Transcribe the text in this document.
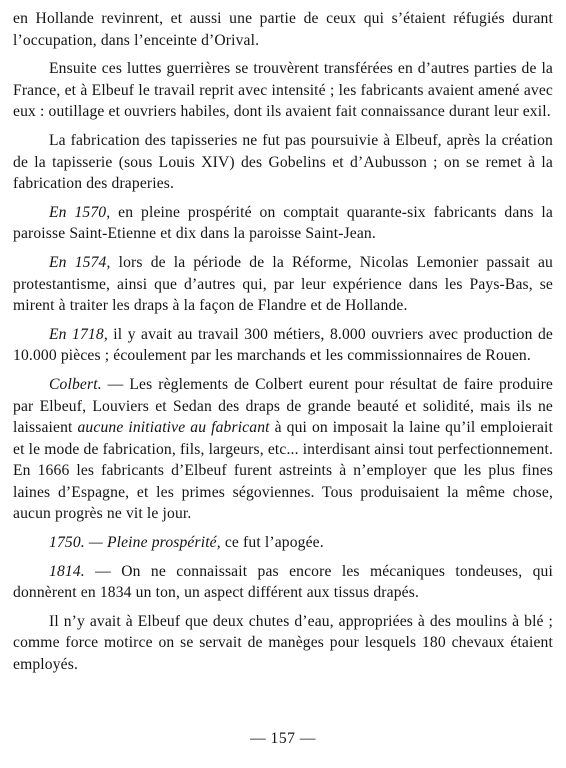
en Hollande revinrent, et aussi une partie de ceux qui s’étaient réfugiés durant l’occupation, dans l’enceinte d’Orival.

Ensuite ces luttes guerrières se trouvèrent transférées en d’autres parties de la France, et à Elbeuf le travail reprit avec intensité ; les fabricants avaient amené avec eux : outillage et ouvriers habiles, dont ils avaient fait connaissance durant leur exil.

La fabrication des tapisseries ne fut pas poursuivie à Elbeuf, après la création de la tapisserie (sous Louis XIV) des Gobelins et d’Aubusson ; on se remet à la fabrication des draperies.

En 1570, en pleine prospérité on comptait quarante-six fabricants dans la paroisse Saint-Etienne et dix dans la paroisse Saint-Jean.

En 1574, lors de la période de la Réforme, Nicolas Lemonier passait au protestantisme, ainsi que d’autres qui, par leur expérience dans les Pays-Bas, se mirent à traiter les draps à la façon de Flandre et de Hollande.

En 1718, il y avait au travail 300 métiers, 8.000 ouvriers avec production de 10.000 pièces ; écoulement par les marchands et les commissionnaires de Rouen.

Colbert. — Les règlements de Colbert eurent pour résultat de faire produire par Elbeuf, Louviers et Sedan des draps de grande beauté et solidité, mais ils ne laissaient aucune initiative au fabricant à qui on imposait la laine qu’il emploierait et le mode de fabrication, fils, largeurs, etc... interdisant ainsi tout perfectionnement. En 1666 les fabricants d’Elbeuf furent astreints à n’employer que les plus fines laines d’Espagne, et les primes ségoviennes. Tous produisaient la même chose, aucun progrès ne vit le jour.

1750. — Pleine prospérité, ce fut l’apogée.

1814. — On ne connaissait pas encore les mécaniques tondeuses, qui donnèrent en 1834 un ton, un aspect différent aux tissus drapés.

Il n’y avait à Elbeuf que deux chutes d’eau, appropriées à des moulins à blé ; comme force motirce on se servait de manèges pour lesquels 180 chevaux étaient employés.

— 157 —
